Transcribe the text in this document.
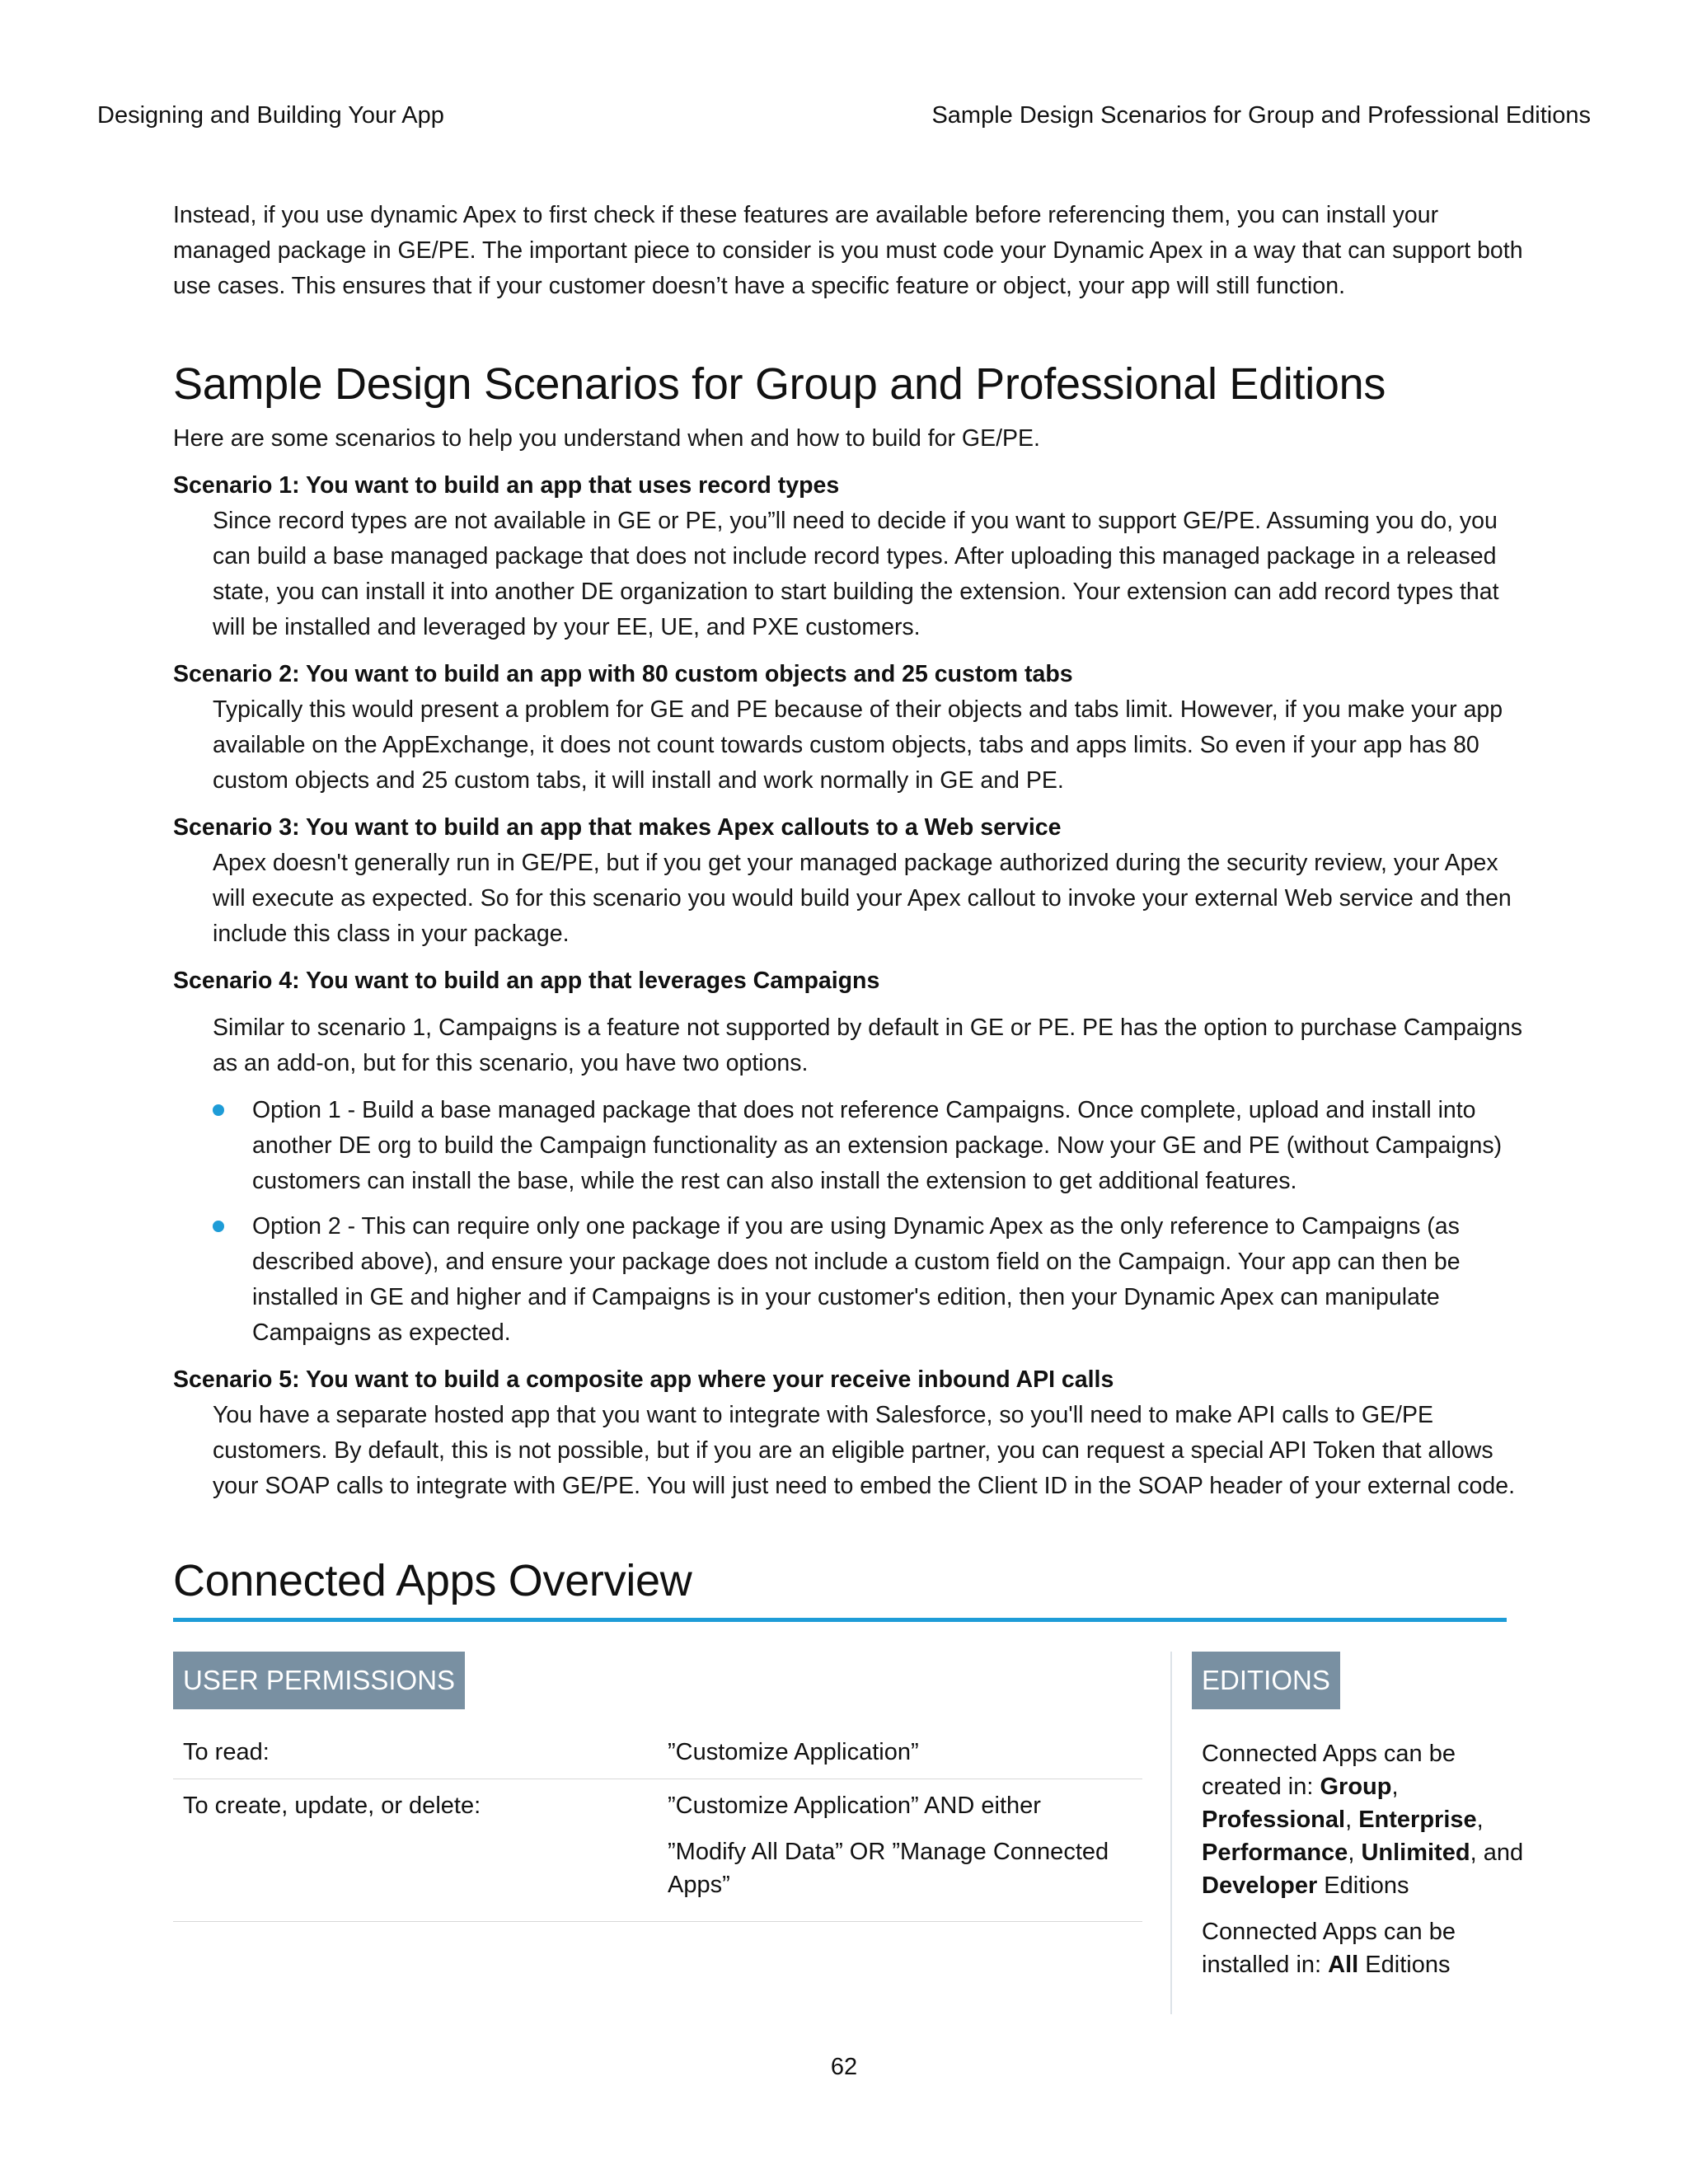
Designing and Building Your App	Sample Design Scenarios for Group and Professional Editions

Instead, if you use dynamic Apex to first check if these features are available before referencing them, you can install your managed package in GE/PE. The important piece to consider is you must code your Dynamic Apex in a way that can support both use cases. This ensures that if your customer doesn’t have a specific feature or object, your app will still function.

Sample Design Scenarios for Group and Professional Editions

Here are some scenarios to help you understand when and how to build for GE/PE.

Scenario 1: You want to build an app that uses record types
Since record types are not available in GE or PE, you”ll need to decide if you want to support GE/PE. Assuming you do, you can build a base managed package that does not include record types. After uploading this managed package in a released state, you can install it into another DE organization to start building the extension. Your extension can add record types that will be installed and leveraged by your EE, UE, and PXE customers.
Scenario 2: You want to build an app with 80 custom objects and 25 custom tabs
Typically this would present a problem for GE and PE because of their objects and tabs limit. However, if you make your app available on the AppExchange, it does not count towards custom objects, tabs and apps limits. So even if your app has 80 custom objects and 25 custom tabs, it will install and work normally in GE and PE.
Scenario 3: You want to build an app that makes Apex callouts to a Web service
Apex doesn't generally run in GE/PE, but if you get your managed package authorized during the security review, your Apex will execute as expected. So for this scenario you would build your Apex callout to invoke your external Web service and then include this class in your package.
Scenario 4: You want to build an app that leverages Campaigns
Similar to scenario 1, Campaigns is a feature not supported by default in GE or PE. PE has the option to purchase Campaigns as an add-on, but for this scenario, you have two options.
Option 1 - Build a base managed package that does not reference Campaigns. Once complete, upload and install into another DE org to build the Campaign functionality as an extension package. Now your GE and PE (without Campaigns) customers can install the base, while the rest can also install the extension to get additional features.
Option 2 - This can require only one package if you are using Dynamic Apex as the only reference to Campaigns (as described above), and ensure your package does not include a custom field on the Campaign. Your app can then be installed in GE and higher and if Campaigns is in your customer's edition, then your Dynamic Apex can manipulate Campaigns as expected.
Scenario 5: You want to build a composite app where your receive inbound API calls
You have a separate hosted app that you want to integrate with Salesforce, so you'll need to make API calls to GE/PE customers. By default, this is not possible, but if you are an eligible partner, you can request a special API Token that allows your SOAP calls to integrate with GE/PE. You will just need to embed the Client ID in the SOAP header of your external code.
Connected Apps Overview
USER PERMISSIONS
To read:	”Customize Application”
To create, update, or delete:	”Customize Application” AND either
”Modify All Data” OR ”Manage Connected Apps”
EDITIONS
Connected Apps can be created in: Group, Professional, Enterprise, Performance, Unlimited, and Developer Editions
Connected Apps can be installed in: All Editions
62
